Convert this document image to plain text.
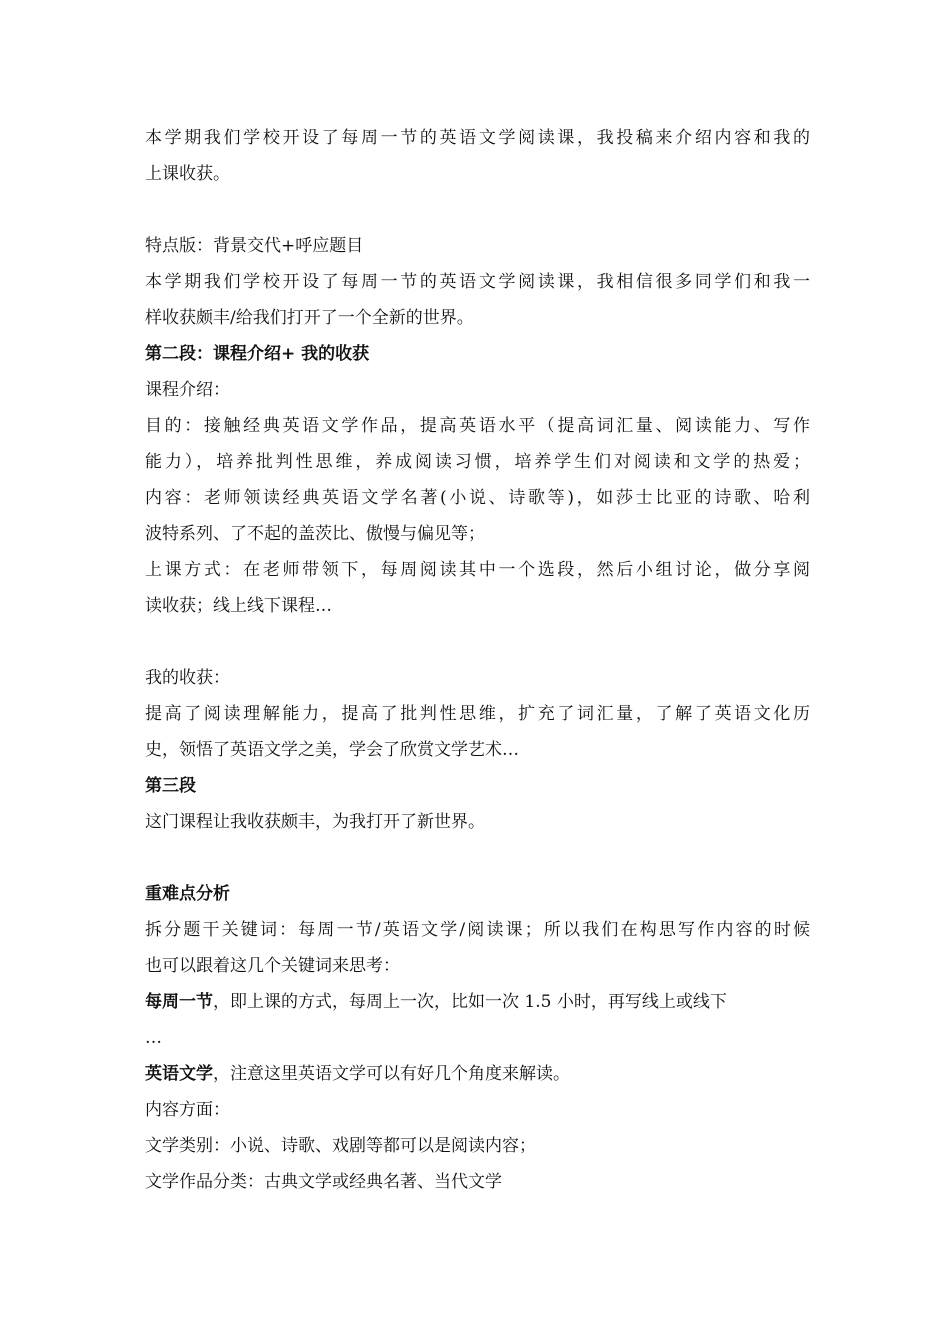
本学期我们学校开设了每周一节的英语文学阅读课，我投稿来介绍内容和我的
上课收获。
特点版：背景交代+呼应题目
本学期我们学校开设了每周一节的英语文学阅读课，我相信很多同学们和我一
样收获颇丰/给我们打开了一个全新的世界。
第二段：课程介绍+ 我的收获
课程介绍：
目的：接触经典英语文学作品，提高英语水平（提高词汇量、阅读能力、写作
能力），培养批判性思维，养成阅读习惯，培养学生们对阅读和文学的热爱；
内容：老师领读经典英语文学名著(小说、诗歌等)，如莎士比亚的诗歌、哈利
波特系列、了不起的盖茨比、傲慢与偏见等；
上课方式：在老师带领下，每周阅读其中一个选段，然后小组讨论，做分享阅
读收获；线上线下课程…
我的收获：
提高了阅读理解能力，提高了批判性思维，扩充了词汇量，了解了英语文化历
史，领悟了英语文学之美，学会了欣赏文学艺术…
第三段
这门课程让我收获颇丰，为我打开了新世界。
重难点分析
拆分题干关键词：每周一节/英语文学/阅读课；所以我们在构思写作内容的时候
也可以跟着这几个关键词来思考：
每周一节，即上课的方式，每周上一次，比如一次 1.5 小时，再写线上或线下
…
英语文学，注意这里英语文学可以有好几个角度来解读。
内容方面：
文学类别：小说、诗歌、戏剧等都可以是阅读内容；
文学作品分类：古典文学或经典名著、当代文学
